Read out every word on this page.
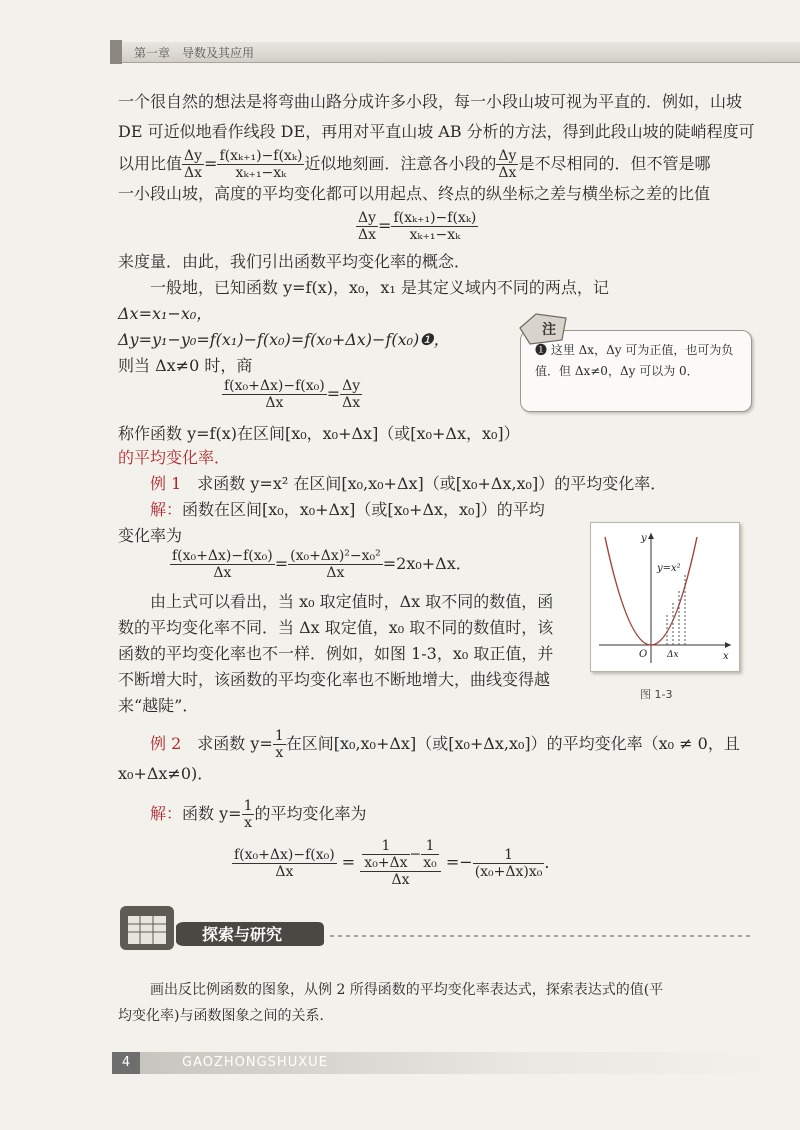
第一章　导数及其应用
一个很自然的想法是将弯曲山路分成许多小段，每一小段山坡可视为平直的．例如，山坡
DE 可近似地看作线段 DE，再用对平直山坡 AB 分析的方法，得到此段山坡的陡峭程度可
以用比值 $\frac{\Delta y}{\Delta x} = \frac{\text{f(xₖ₊₁)−f(xₖ)}}{\text{xₖ₊₁−xₖ}}$ 近似地刻画．注意各小段的 $\frac{\Delta y}{\Delta x}$ 是不尽相同的．但不管是哪
一小段山坡，高度的平均变化都可以用起点、终点的纵坐标之差与横坐标之差的比值
$\frac{\Delta y}{\Delta x} = \frac{\text{f(xₖ₊₁)−f(xₖ)}}{\text{xₖ₊₁−xₖ}}$
来度量．由此，我们引出函数平均变化率的概念．
一般地，已知函数 y=f(x)，x₀，x₁ 是其定义域内不同的两点，记
Δx=x₁−x₀，
Δy=y₁−y₀=f(x₁)−f(x₀)=f(x₀+Δx)−f(x₀)❶，
则当 Δx≠0 时，商
$\frac{\text{f(x₀+Δx)−f(x₀)}}{\Delta x} = \frac{\Delta y}{\Delta x}$
称作函数 y=f(x)在区间[x₀，x₀+Δx]（或[x₀+Δx，x₀]）
的平均变化率．
注
❶ 这里 Δx，Δy 可为正值，也可为负值．但 Δx≠0，Δy 可以为 0．
例 1　 求函数 y=x² 在区间[x₀,x₀+Δx]（或[x₀+Δx,x₀]）的平均变化率．
解：函数在区间[x₀，x₀+Δx]（或[x₀+Δx，x₀]）的平均
变化率为
$\frac{\text{f(x₀+Δx)−f(x₀)}}{\Delta x} = \frac{\text{(x₀+Δx)²−x₀²}}{\Delta x} =2x_0+\Delta x$．
由上式可以看出，当 x₀ 取定值时，Δx 取不同的数值，函
数的平均变化率不同．当 Δx 取定值，x₀ 取不同的数值时，该
函数的平均变化率也不一样．例如，如图 1-3，x₀ 取正值，并
不断增大时，该函数的平均变化率也不断地增大，曲线变得越
来“越陡”．
y=x²
y
x
O Δx
图 1-3
例 2　 求函数 $y= \frac{1}{x}$ 在区间[x₀,x₀+Δx]（或[x₀+Δx,x₀]）的平均变化率（x₀ ≠ 0，且
x₀+Δx≠0)．
解：函数 $y= \frac{1}{x}$ 的平均变化率为
$\frac{\text{f(x₀+Δx)−f(x₀)}}{\Delta x} = \frac{\frac{1}{\text{x₀+Δx}} - \frac{1}{\text{x₀}}}{\Delta x} =- \frac{1}{\text{(x₀+Δx)x₀}}$ ．
探索与研究
画出反比例函数的图象，从例 2 所得函数的平均变化率表达式，探索表达式的值(平
均变化率)与函数图象之间的关系．
4	GAOZHONGSHUXUE
